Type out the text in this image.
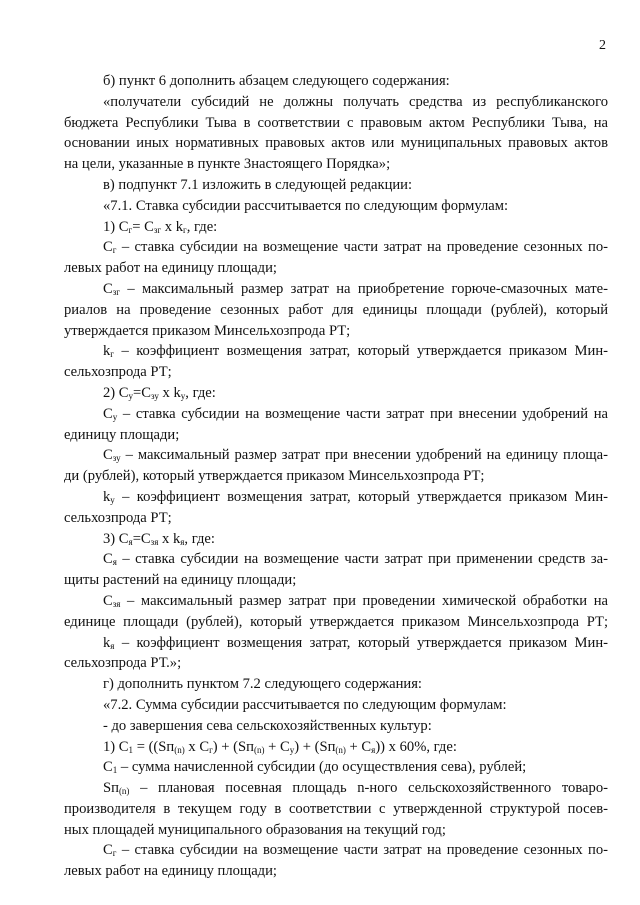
2
б) пункт 6 дополнить абзацем следующего содержания:
«получатели субсидий не должны получать средства из республиканского
бюджета Республики Тыва в соответствии с правовым актом Республики Тыва, на
основании иных нормативных правовых актов или муниципальных правовых актов
на цели, указанные в пункте 3настоящего Порядка»;
в) подпункт 7.1 изложить в следующей редакции:
«7.1. Ставка субсидии рассчитывается по следующим формулам:
1) $С_г= С_{зг}$ х $k_г$, где:
$С_г$ – ставка субсидии на возмещение части затрат на проведение сезонных по-
левых работ на единицу площади;
$С_{зг}$ – максимальный размер затрат на приобретение горюче-смазочных мате-
риалов на проведение сезонных работ для единицы площади (рублей), который
утверждается приказом Минсельхозпрода РТ;
$k_г$ – коэффициент возмещения затрат, который утверждается приказом Мин-
сельхозпрода РТ;
2) $С_у=С_{зу}$ х $k_у$, где:
$С_у$ – ставка субсидии на возмещение части затрат при внесении удобрений на
единицу площади;
$С_{зу}$ – максимальный размер затрат при внесении удобрений на единицу площа-
ди (рублей), который утверждается приказом Минсельхозпрода РТ;
$k_у$ – коэффициент возмещения затрат, который утверждается приказом Мин-
сельхозпрода РТ;
3) $С_я=С_{зя}$ х $k_я$, где:
$С_я$ – ставка субсидии на возмещение части затрат при применении средств за-
щиты растений на единицу площади;
$С_{зя}$ – максимальный размер затрат при проведении химической обработки на
единице площади (рублей), который утверждается приказом Минсельхозпрода РТ;
$k_я$ – коэффициент возмещения затрат, который утверждается приказом Мин-
сельхозпрода РТ.»;
г) дополнить пунктом 7.2 следующего содержания:
«7.2. Сумма субсидии рассчитывается по следующим формулам:
- до завершения сева сельскохозяйственных культур:
1) $С_1 = ((Sп_{(n)}$ х $С_г) + (Sп_{(n)} + С_у) + (Sп_{(n)} + С_я)$) х 60%, где:
$С_1$ – сумма начисленной субсидии (до осуществления сева), рублей;
$Sп_{(n)}$ – плановая посевная площадь n-ного сельскохозяйственного товаро-
производителя в текущем году в соответствии с утвержденной структурой посев-
ных площадей муниципального образования на текущий год;
$С_г$ – ставка субсидии на возмещение части затрат на проведение сезонных по-
левых работ на единицу площади;
